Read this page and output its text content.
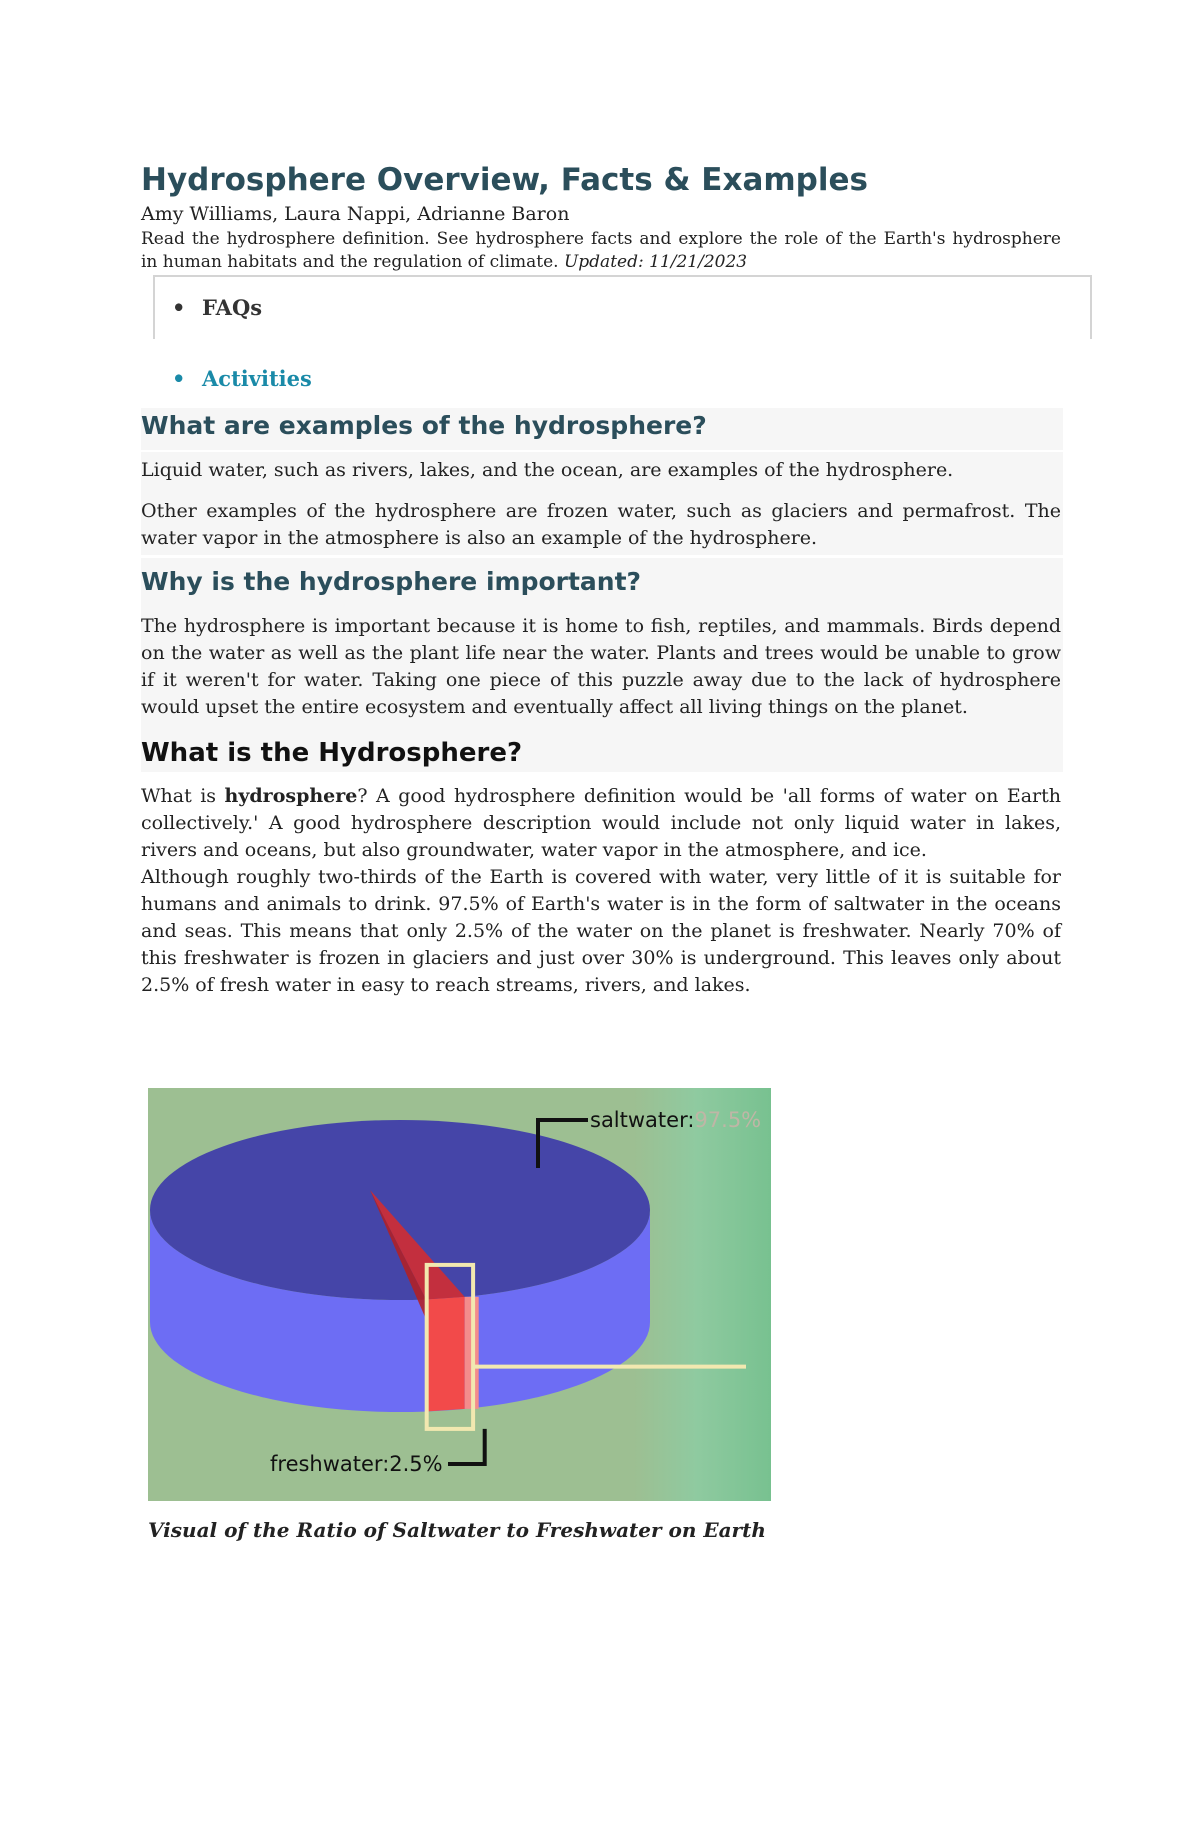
Hydrosphere Overview, Facts & Examples
Amy Williams, Laura Nappi, Adrianne Baron
Read the hydrosphere definition. See hydrosphere facts and explore the role of the Earth's hydrosphere in human habitats and the regulation of climate. Updated: 11/21/2023
• FAQs
• Activities
What are examples of the hydrosphere?

Liquid water, such as rivers, lakes, and the ocean, are examples of the hydrosphere.

Other examples of the hydrosphere are frozen water, such as glaciers and permafrost. The water vapor in the atmosphere is also an example of the hydrosphere.

Why is the hydrosphere important?

The hydrosphere is important because it is home to fish, reptiles, and mammals. Birds depend on the water as well as the plant life near the water. Plants and trees would be unable to grow if it weren't for water. Taking one piece of this puzzle away due to the lack of hydrosphere would upset the entire ecosystem and eventually affect all living things on the planet.

What is the Hydrosphere?

What is hydrosphere? A good hydrosphere definition would be 'all forms of water on Earth collectively.' A good hydrosphere description would include not only liquid water in lakes, rivers and oceans, but also groundwater, water vapor in the atmosphere, and ice.

Although roughly two-thirds of the Earth is covered with water, very little of it is suitable for humans and animals to drink. 97.5% of Earth's water is in the form of saltwater in the oceans and seas. This means that only 2.5% of the water on the planet is freshwater. Nearly 70% of this freshwater is frozen in glaciers and just over 30% is underground. This leaves only about 2.5% of fresh water in easy to reach streams, rivers, and lakes.

saltwater:97.5%
freshwater:2.5%
Visual of the Ratio of Saltwater to Freshwater on Earth
